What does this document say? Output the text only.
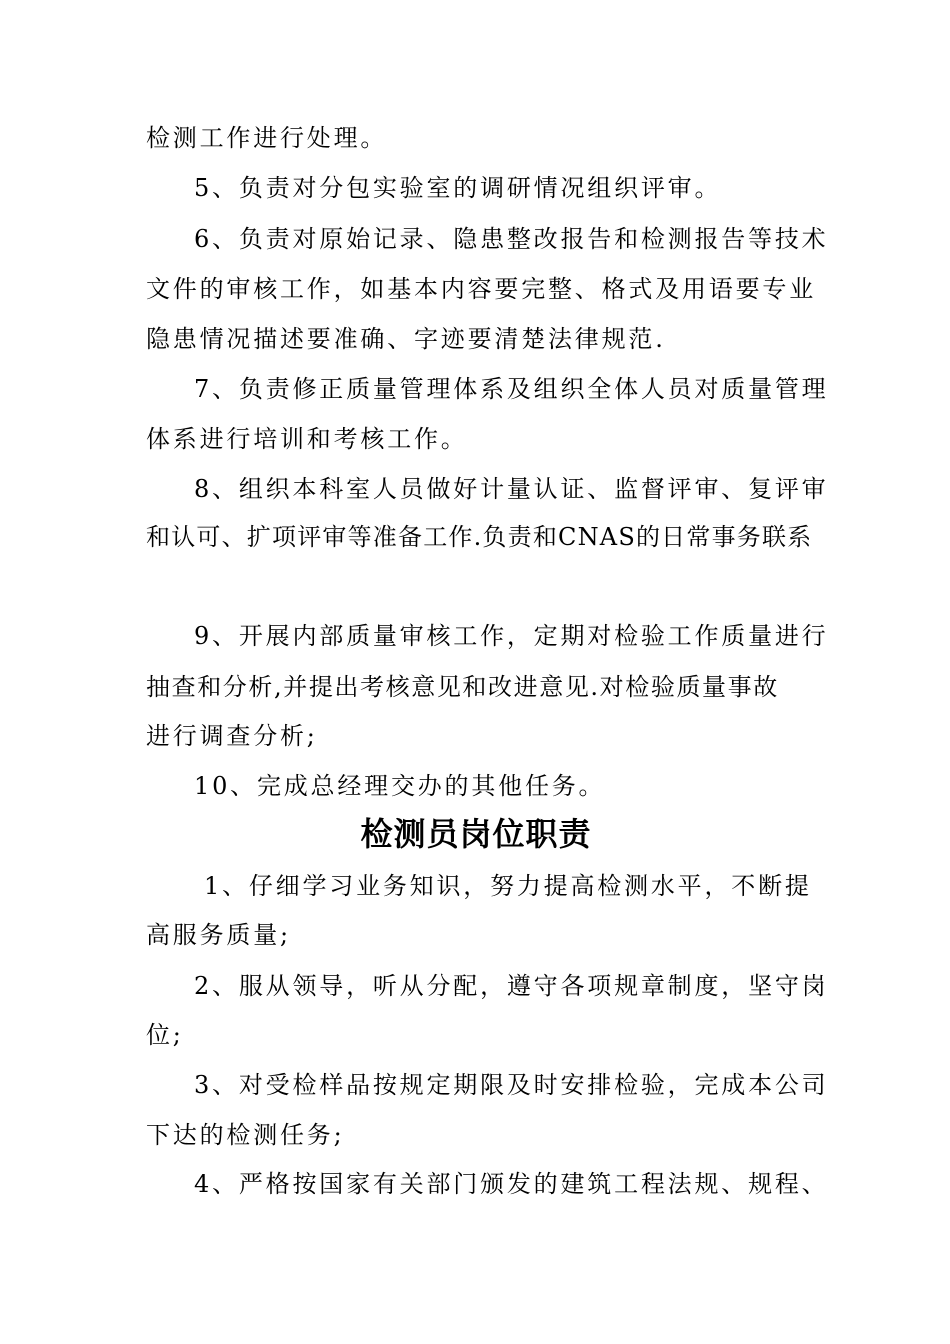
检测工作进行处理。
5、负责对分包实验室的调研情况组织评审。
6、负责对原始记录、隐患整改报告和检测报告等技术
文件的审核工作，如基本内容要完整、格式及用语要专业
隐患情况描述要准确、字迹要清楚法律规范.
7、负责修正质量管理体系及组织全体人员对质量管理
体系进行培训和考核工作。
8、组织本科室人员做好计量认证、监督评审、复评审
和认可、扩项评审等准备工作.负责和CNAS的日常事务联系
9、开展内部质量审核工作，定期对检验工作质量进行
抽查和分析,并提出考核意见和改进意见.对检验质量事故
进行调查分析;
10、完成总经理交办的其他任务。
检测员岗位职责
1、仔细学习业务知识，努力提高检测水平，不断提
高服务质量;
2、服从领导，听从分配，遵守各项规章制度，坚守岗
位;
3、对受检样品按规定期限及时安排检验，完成本公司
下达的检测任务;
4、严格按国家有关部门颁发的建筑工程法规、规程、
